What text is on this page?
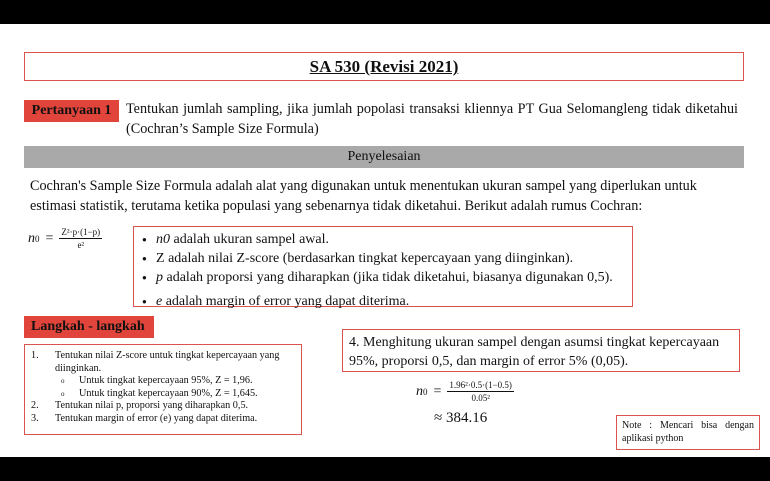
SA 530 (Revisi 2021)
Pertanyaan 1	Tentukan jumlah sampling, jika jumlah popolasi transaksi kliennya PT Gua Selomangleng tidak diketahui (Cochran’s Sample Size Formula)
Penyelesaian
Cochran's Sample Size Formula adalah alat yang digunakan untuk menentukan ukuran sampel yang diperlukan untuk estimasi statistik, terutama ketika populasi yang sebenarnya tidak diketahui. Berikut adalah rumus Cochran:
n $0 = \frac{\text{Z²·p·(1−p)}}{\text{e²}}$
●	n0 adalah ukuran sampel awal.
● Z adalah nilai Z-score (berdasarkan tingkat kepercayaan yang diinginkan).
● p adalah proporsi yang diharapkan (jika tidak diketahui, biasanya digunakan 0,5).
● e adalah margin of error yang dapat diterima.
Langkah - langkah
1.	Tentukan nilai Z-score untuk tingkat kepercayaan yang diinginkan.
o	Untuk tingkat kepercayaan 95%, Z = 1,96.
o	Untuk tingkat kepercayaan 90%, Z = 1,645.
2.	Tentukan nilai p, proporsi yang diharapkan 0,5.
3.	Tentukan margin of error (e) yang dapat diterima.
4. Menghitung ukuran sampel dengan asumsi tingkat kepercayaan 95%, proporsi 0,5, dan margin of error 5% (0,05).
n $0 = \frac{\text{1.96²·0.5·(1−0.5)}}{\text{0.05²}}$
≈ 384.16	Note : Mencari bisa dengan aplikasi python
